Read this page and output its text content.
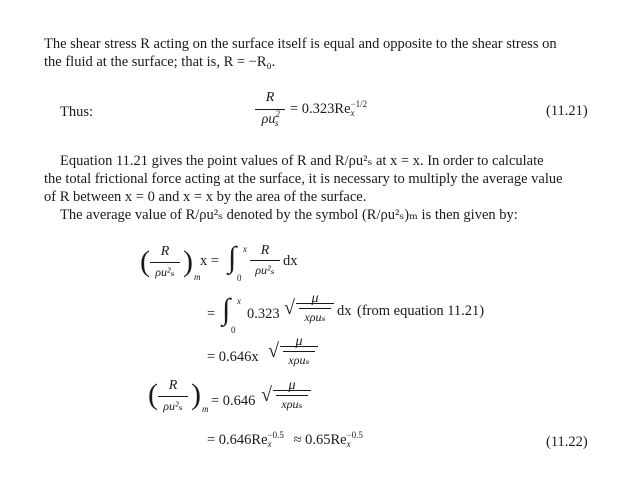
The shear stress R acting on the surface itself is equal and opposite to the shear stress on
the fluid at the surface; that is, R = −R₀.
Thus:
R
$\rho u^2_s$
= $0.323Re_x^{-1/2}$	(11.21)
Equation 11.21 gives the point values of R and R/ρu²ₛ at x = x. In order to calculate
the total frictional force acting at the surface, it is necessary to multiply the average value
of R between x = 0 and x = x by the area of the surface.
The average value of R/ρu²ₛ denoted by the symbol (R/ρu²ₛ)ₘ is then given by:
( R
ρu²ₛ ) m
x = ∫ x
0
R
ρu²ₛ
dx
= ∫ x
0
0.323 √	μ
xρuₛ dx (from equation 11.21)
= 0.646x √	μ
xρuₛ
( R
ρu²ₛ ) m = 0.646 √	μ
xρuₛ
= $0.646Re_x^{-0.5} \approx 0.65Re_x^{-0.5}$	(11.22)
